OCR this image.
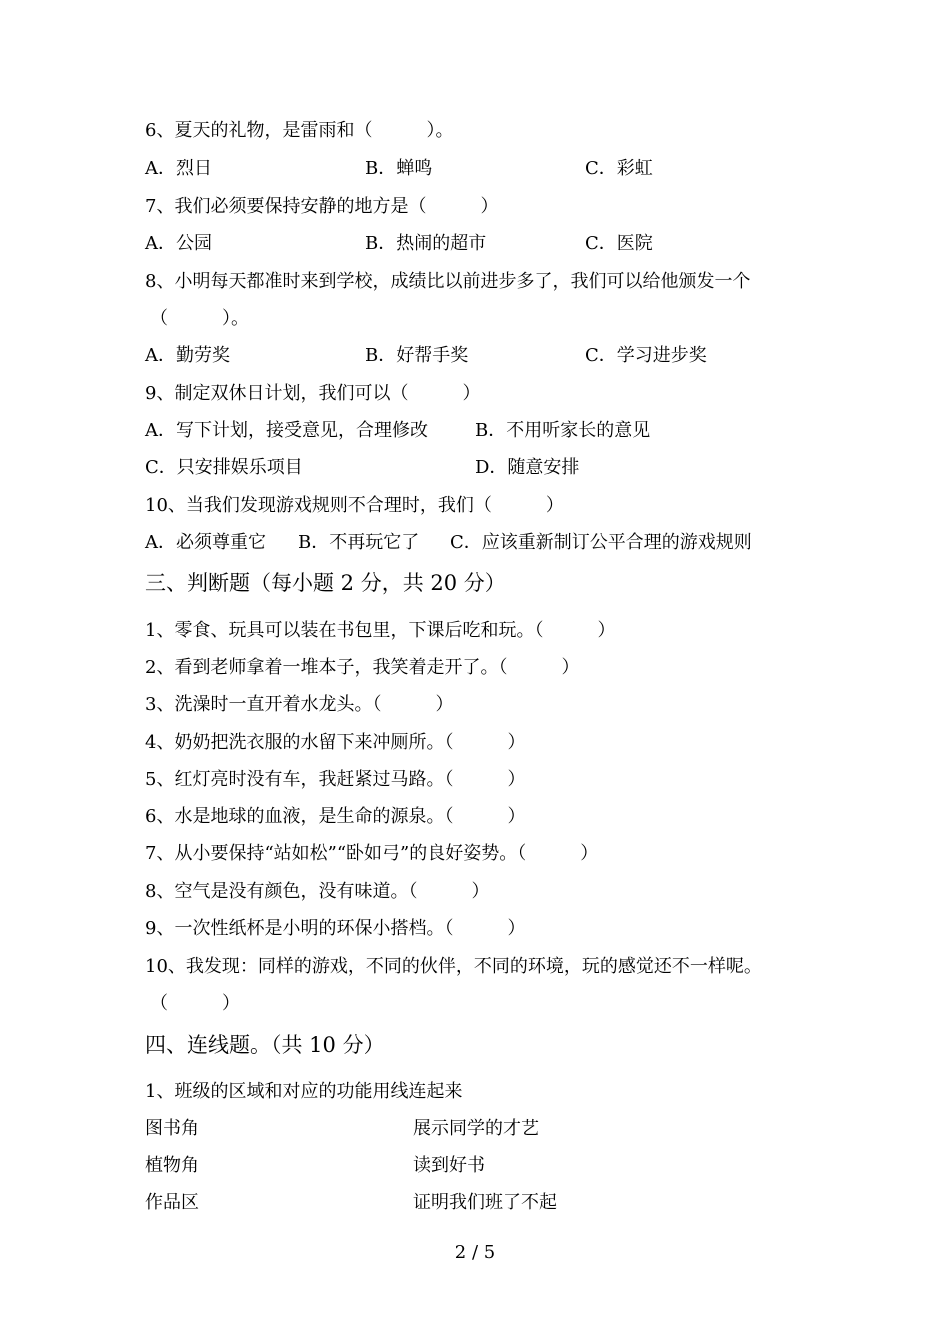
6、夏天的礼物，是雷雨和（　　　）。
A．烈日	B．蝉鸣	C．彩虹
7、我们必须要保持安静的地方是（　　　）
A．公园	B．热闹的超市	C．医院
8、小明每天都准时来到学校，成绩比以前进步多了，我们可以给他颁发一个
（　　　）。
A．勤劳奖	B．好帮手奖	C．学习进步奖
9、制定双休日计划，我们可以（　　　）
A．写下计划，接受意见，合理修改	B．不用听家长的意见
C．只安排娱乐项目	D．随意安排
10、当我们发现游戏规则不合理时，我们（　　　）
A．必须尊重它 B．不再玩它了 C．应该重新制订公平合理的游戏规则
三、判断题（每小题 2 分，共 20 分）
1、零食、玩具可以装在书包里，下课后吃和玩。（　　　）
2、看到老师拿着一堆本子，我笑着走开了。（　　　）
3、洗澡时一直开着水龙头。（　　　）
4、奶奶把洗衣服的水留下来冲厕所。（　　　）
5、红灯亮时没有车，我赶紧过马路。（　　　）
6、水是地球的血液，是生命的源泉。（　　　）
7、从小要保持“站如松”“卧如弓”的良好姿势。（　　　）
8、空气是没有颜色，没有味道。（　　　）
9、一次性纸杯是小明的环保小搭档。（　　　）
10、我发现：同样的游戏，不同的伙伴，不同的环境，玩的感觉还不一样呢。
（　　　）
四、连线题。（共 10 分）
1、班级的区域和对应的功能用线连起来
图书角	展示同学的才艺
植物角	读到好书
作品区	证明我们班了不起
2 / 5
